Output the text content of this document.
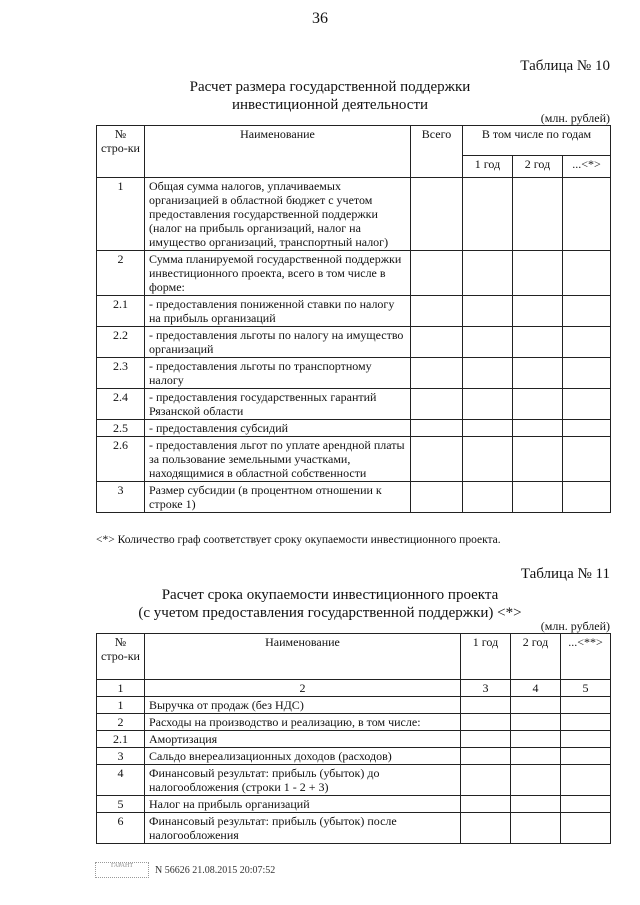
36
Таблица № 10
Расчет размера государственной поддержки
инвестиционной деятельности
(млн. рублей)
№ стро-ки	Наименование	Всего	В том числе по годам		
			1 год	2 год	...<*>
1	Общая сумма налогов, уплачиваемых организацией в областной бюджет с учетом предоставления государственной поддержки (налог на прибыль организаций, налог на имущество организаций, транспортный налог)				
2	Сумма планируемой государственной поддержки инвестиционного проекта, всего в том числе в форме:				
2.1	- предоставления пониженной ставки по налогу на прибыль организаций				
2.2	- предоставления льготы по налогу на имущество организаций				
2.3	- предоставления льготы по транспортному налогу				
2.4	- предоставления государственных гарантий Рязанской области				
2.5	- предоставления субсидий				
2.6	- предоставления льгот по уплате арендной платы за пользование земельными участками, находящимися в областной собственности				
3	Размер субсидии (в процентном отношении к строке 1)				
<*> Количество граф соответствует сроку окупаемости инвестиционного проекта.
Таблица № 11
Расчет срока окупаемости инвестиционного проекта
(с учетом предоставления государственной поддержки) <*>
(млн. рублей)
№ стро-ки	Наименование	1 год	2 год	...<**>
1	2	3	4	5
1	Выручка от продаж (без НДС)			
2	Расходы на производство и реализацию, в том числе:			
2.1	Амортизация			
3	Сальдо внереализационных доходов (расходов)			
4	Финансовый результат: прибыль (убыток) до налогообложения (строки 1 - 2 + 3)			
5	Налог на прибыль организаций			
6	Финансовый результат: прибыль (убыток) после налогообложения			
ГАРАНТ	N 56626 21.08.2015 20:07:52
